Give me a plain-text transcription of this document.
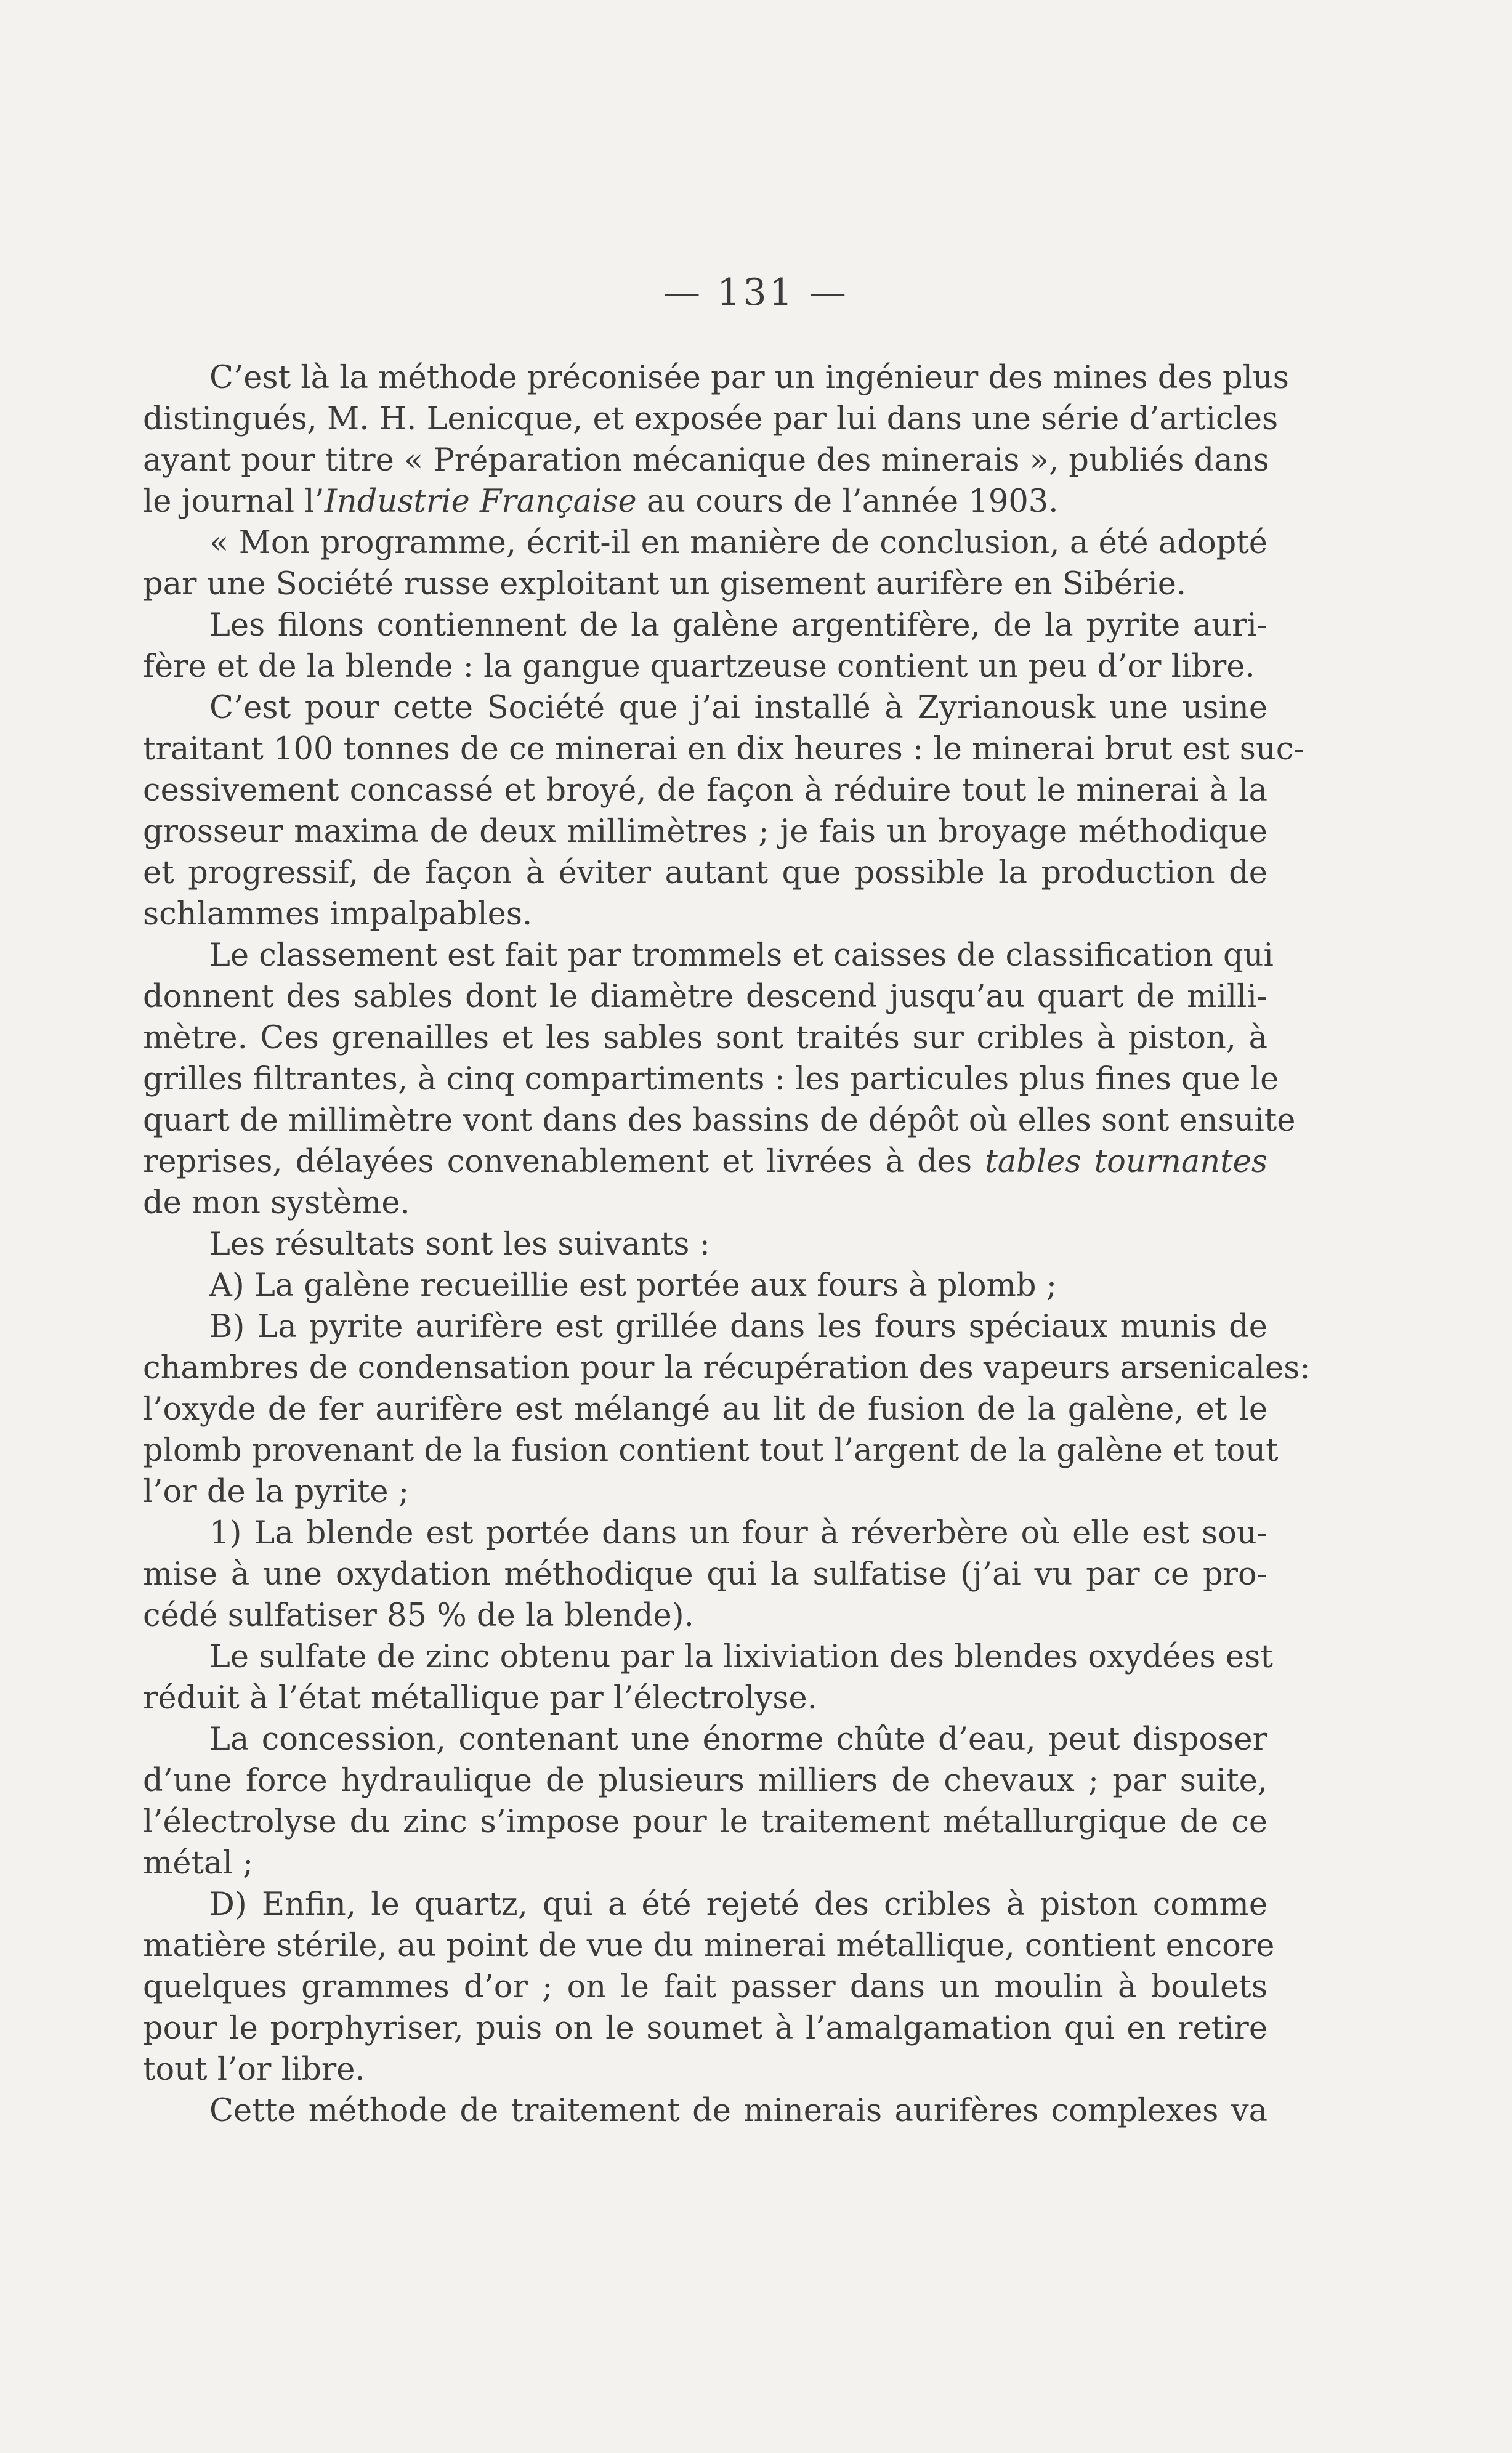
— 131 —
C’est là la méthode préconisée par un ingénieur des mines des plus
distingués, M. H. Lenicque, et exposée par lui dans une série d’articles
ayant pour titre « Préparation mécanique des minerais », publiés dans
le journal l’Industrie Française au cours de l’année 1903.
« Mon programme, écrit-il en manière de conclusion, a été adopté
par une Société russe exploitant un gisement aurifère en Sibérie.
Les filons contiennent de la galène argentifère, de la pyrite auri-
fère et de la blende : la gangue quartzeuse contient un peu d’or libre.
C’est pour cette Société que j’ai installé à Zyrianousk une usine
traitant 100 tonnes de ce minerai en dix heures : le minerai brut est suc-
cessivement concassé et broyé, de façon à réduire tout le minerai à la
grosseur maxima de deux millimètres ; je fais un broyage méthodique
et progressif, de façon à éviter autant que possible la production de
schlammes impalpables.
Le classement est fait par trommels et caisses de classification qui
donnent des sables dont le diamètre descend jusqu’au quart de milli-
mètre. Ces grenailles et les sables sont traités sur cribles à piston, à
grilles filtrantes, à cinq compartiments : les particules plus fines que le
quart de millimètre vont dans des bassins de dépôt où elles sont ensuite
reprises, délayées convenablement et livrées à des tables tournantes
de mon système.
Les résultats sont les suivants :
A) La galène recueillie est portée aux fours à plomb ;
B) La pyrite aurifère est grillée dans les fours spéciaux munis de
chambres de condensation pour la récupération des vapeurs arsenicales:
l’oxyde de fer aurifère est mélangé au lit de fusion de la galène, et le
plomb provenant de la fusion contient tout l’argent de la galène et tout
l’or de la pyrite ;
1) La blende est portée dans un four à réverbère où elle est sou-
mise à une oxydation méthodique qui la sulfatise (j’ai vu par ce pro-
cédé sulfatiser 85 % de la blende).
Le sulfate de zinc obtenu par la lixiviation des blendes oxydées est
réduit à l’état métallique par l’électrolyse.
La concession, contenant une énorme chûte d’eau, peut disposer
d’une force hydraulique de plusieurs milliers de chevaux ; par suite,
l’électrolyse du zinc s’impose pour le traitement métallurgique de ce
métal ;
D) Enfin, le quartz, qui a été rejeté des cribles à piston comme
matière stérile, au point de vue du minerai métallique, contient encore
quelques grammes d’or ; on le fait passer dans un moulin à boulets
pour le porphyriser, puis on le soumet à l’amalgamation qui en retire
tout l’or libre.
Cette méthode de traitement de minerais aurifères complexes va
